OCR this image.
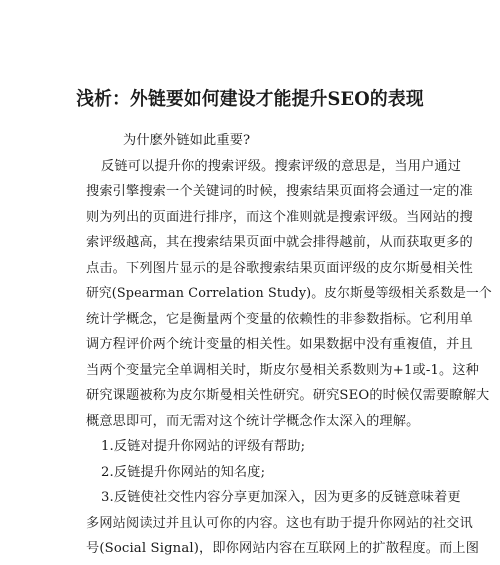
浅析：外链要如何建设才能提升SEO的表现
为什麽外链如此重要?
反链可以提升你的搜索评级。搜索评级的意思是，当用户通过
搜索引擎搜索一个关键词的时候，搜索结果页面将会通过一定的准
则为列出的页面进行排序，而这个准则就是搜索评级。当网站的搜
索评级越高，其在搜索结果页面中就会排得越前，从而获取更多的
点击。下列图片显示的是谷歌搜索结果页面评级的皮尔斯曼相关性
研究(Spearman Correlation Study)。皮尔斯曼等级相关系数是一个
统计学概念，它是衡量两个变量的依赖性的非参数指标。它利用单
调方程评价两个统计变量的相关性。如果数据中没有重複值，并且
当两个变量完全单调相关时，斯皮尔曼相关系数则为+1或-1。这种
研究课题被称为皮尔斯曼相关性研究。研究SEO的时候仅需要瞭解大
概意思即可，而无需对这个统计学概念作太深入的理解。
1.反链对提升你网站的评级有帮助;
2.反链提升你网站的知名度;
3.反链使社交性内容分享更加深入，因为更多的反链意味着更
多网站阅读过并且认可你的内容。这也有助于提升你网站的社交讯
号(Social Signal)，即你网站内容在互联网上的扩散程度。而上图
